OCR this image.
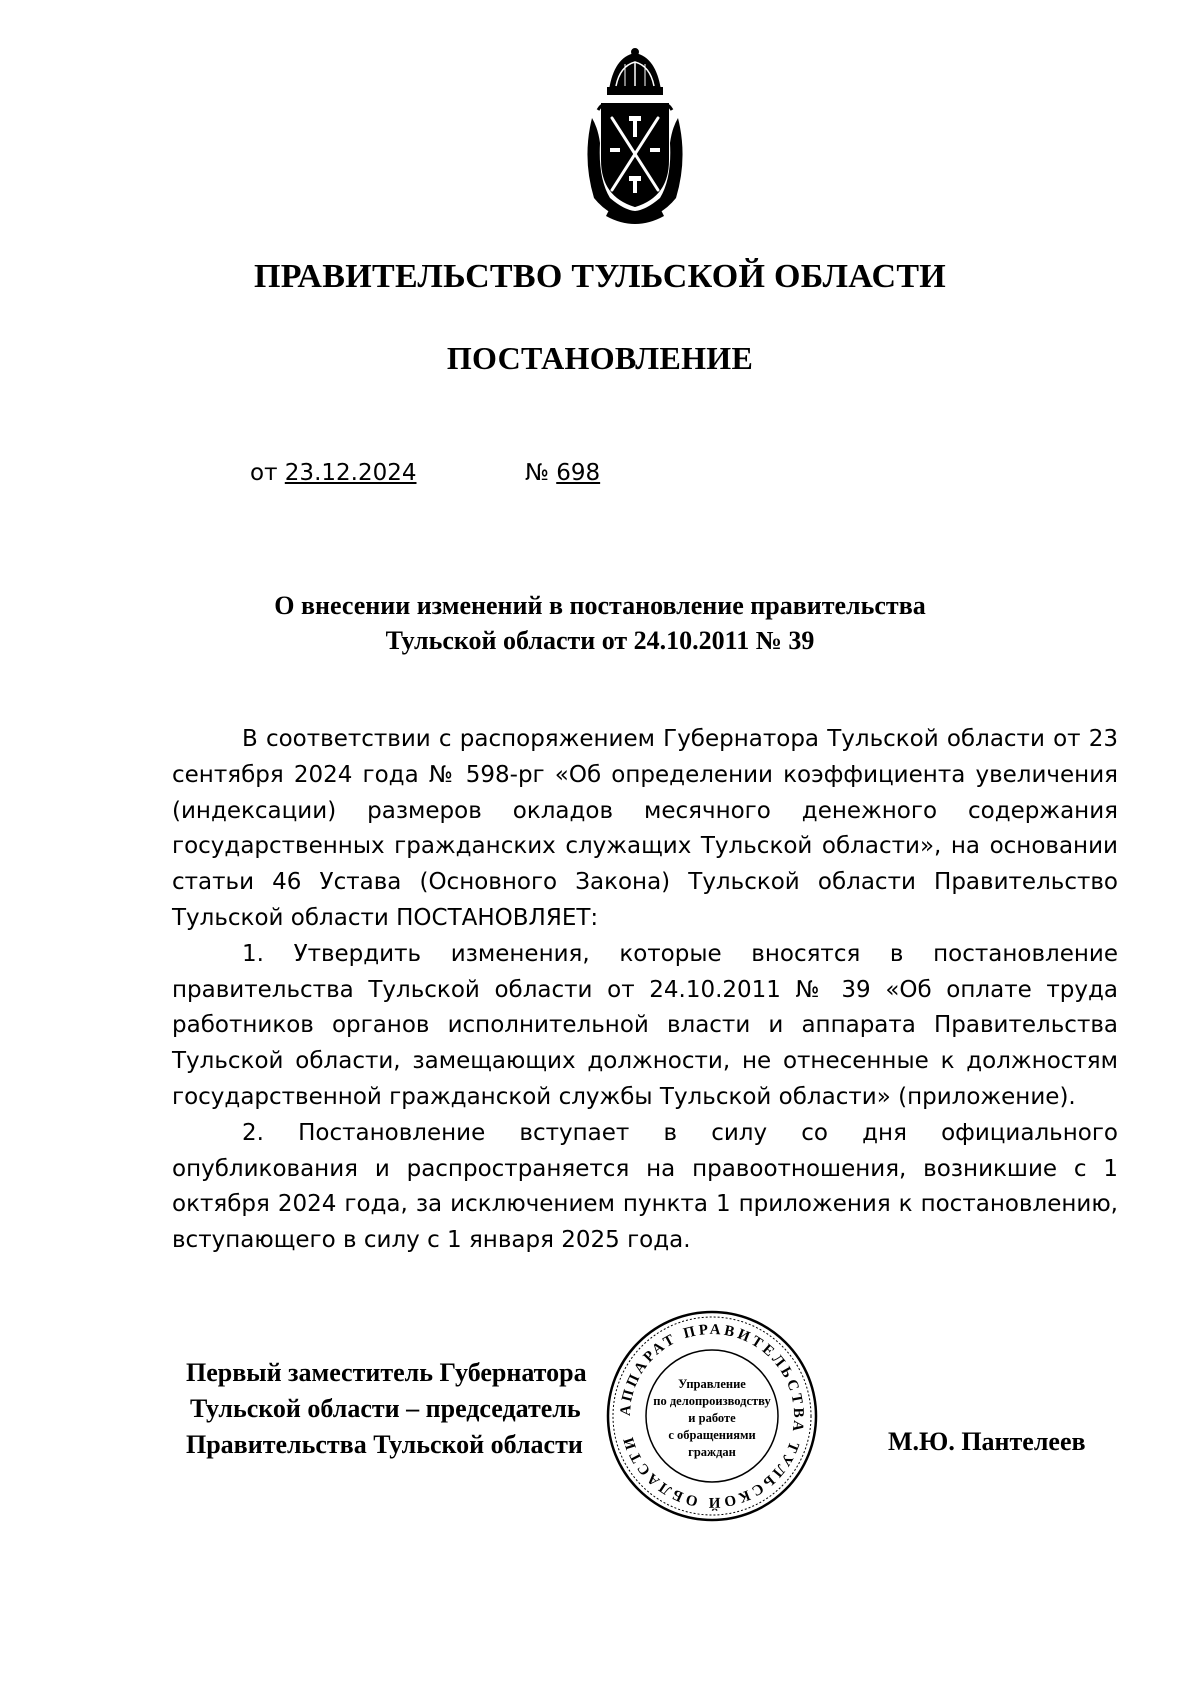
ПРАВИТЕЛЬСТВО ТУЛЬСКОЙ ОБЛАСТИ
ПОСТАНОВЛЕНИЕ
от 23.12.2024	№ 698
О внесении изменений в постановление правительства
Тульской области от 24.10.2011 № 39

В соответствии с распоряжением Губернатора Тульской области от 23 сентября 2024 года № 598-рг «Об определении коэффициента увеличения (индексации) размеров окладов месячного денежного содержания государственных гражданских служащих Тульской области», на основании статьи 46 Устава (Основного Закона) Тульской области Правительство Тульской области ПОСТАНОВЛЯЕТ:

1. Утвердить изменения, которые вносятся в постановление правительства Тульской области от 24.10.2011 № 39 «Об оплате труда работников органов исполнительной власти и аппарата Правительства Тульской области, замещающих должности, не отнесенные к должностям государственной гражданской службы Тульской области» (приложение).

2. Постановление вступает в силу со дня официального опубликования и распространяется на правоотношения, возникшие с 1 октября 2024 года, за исключением пункта 1 приложения к постановлению, вступающего в силу с 1 января 2025 года.

Первый заместитель Губернатора
Тульской области – председатель
Правительства Тульской области	М.Ю. Пантелеев
АППАРАТ ПРАВИТЕЛЬСТВА ТУЛЬСКОЙ ОБЛАСТИ
Управление
по делопроизводству
и работе
с обращениями
граждан
